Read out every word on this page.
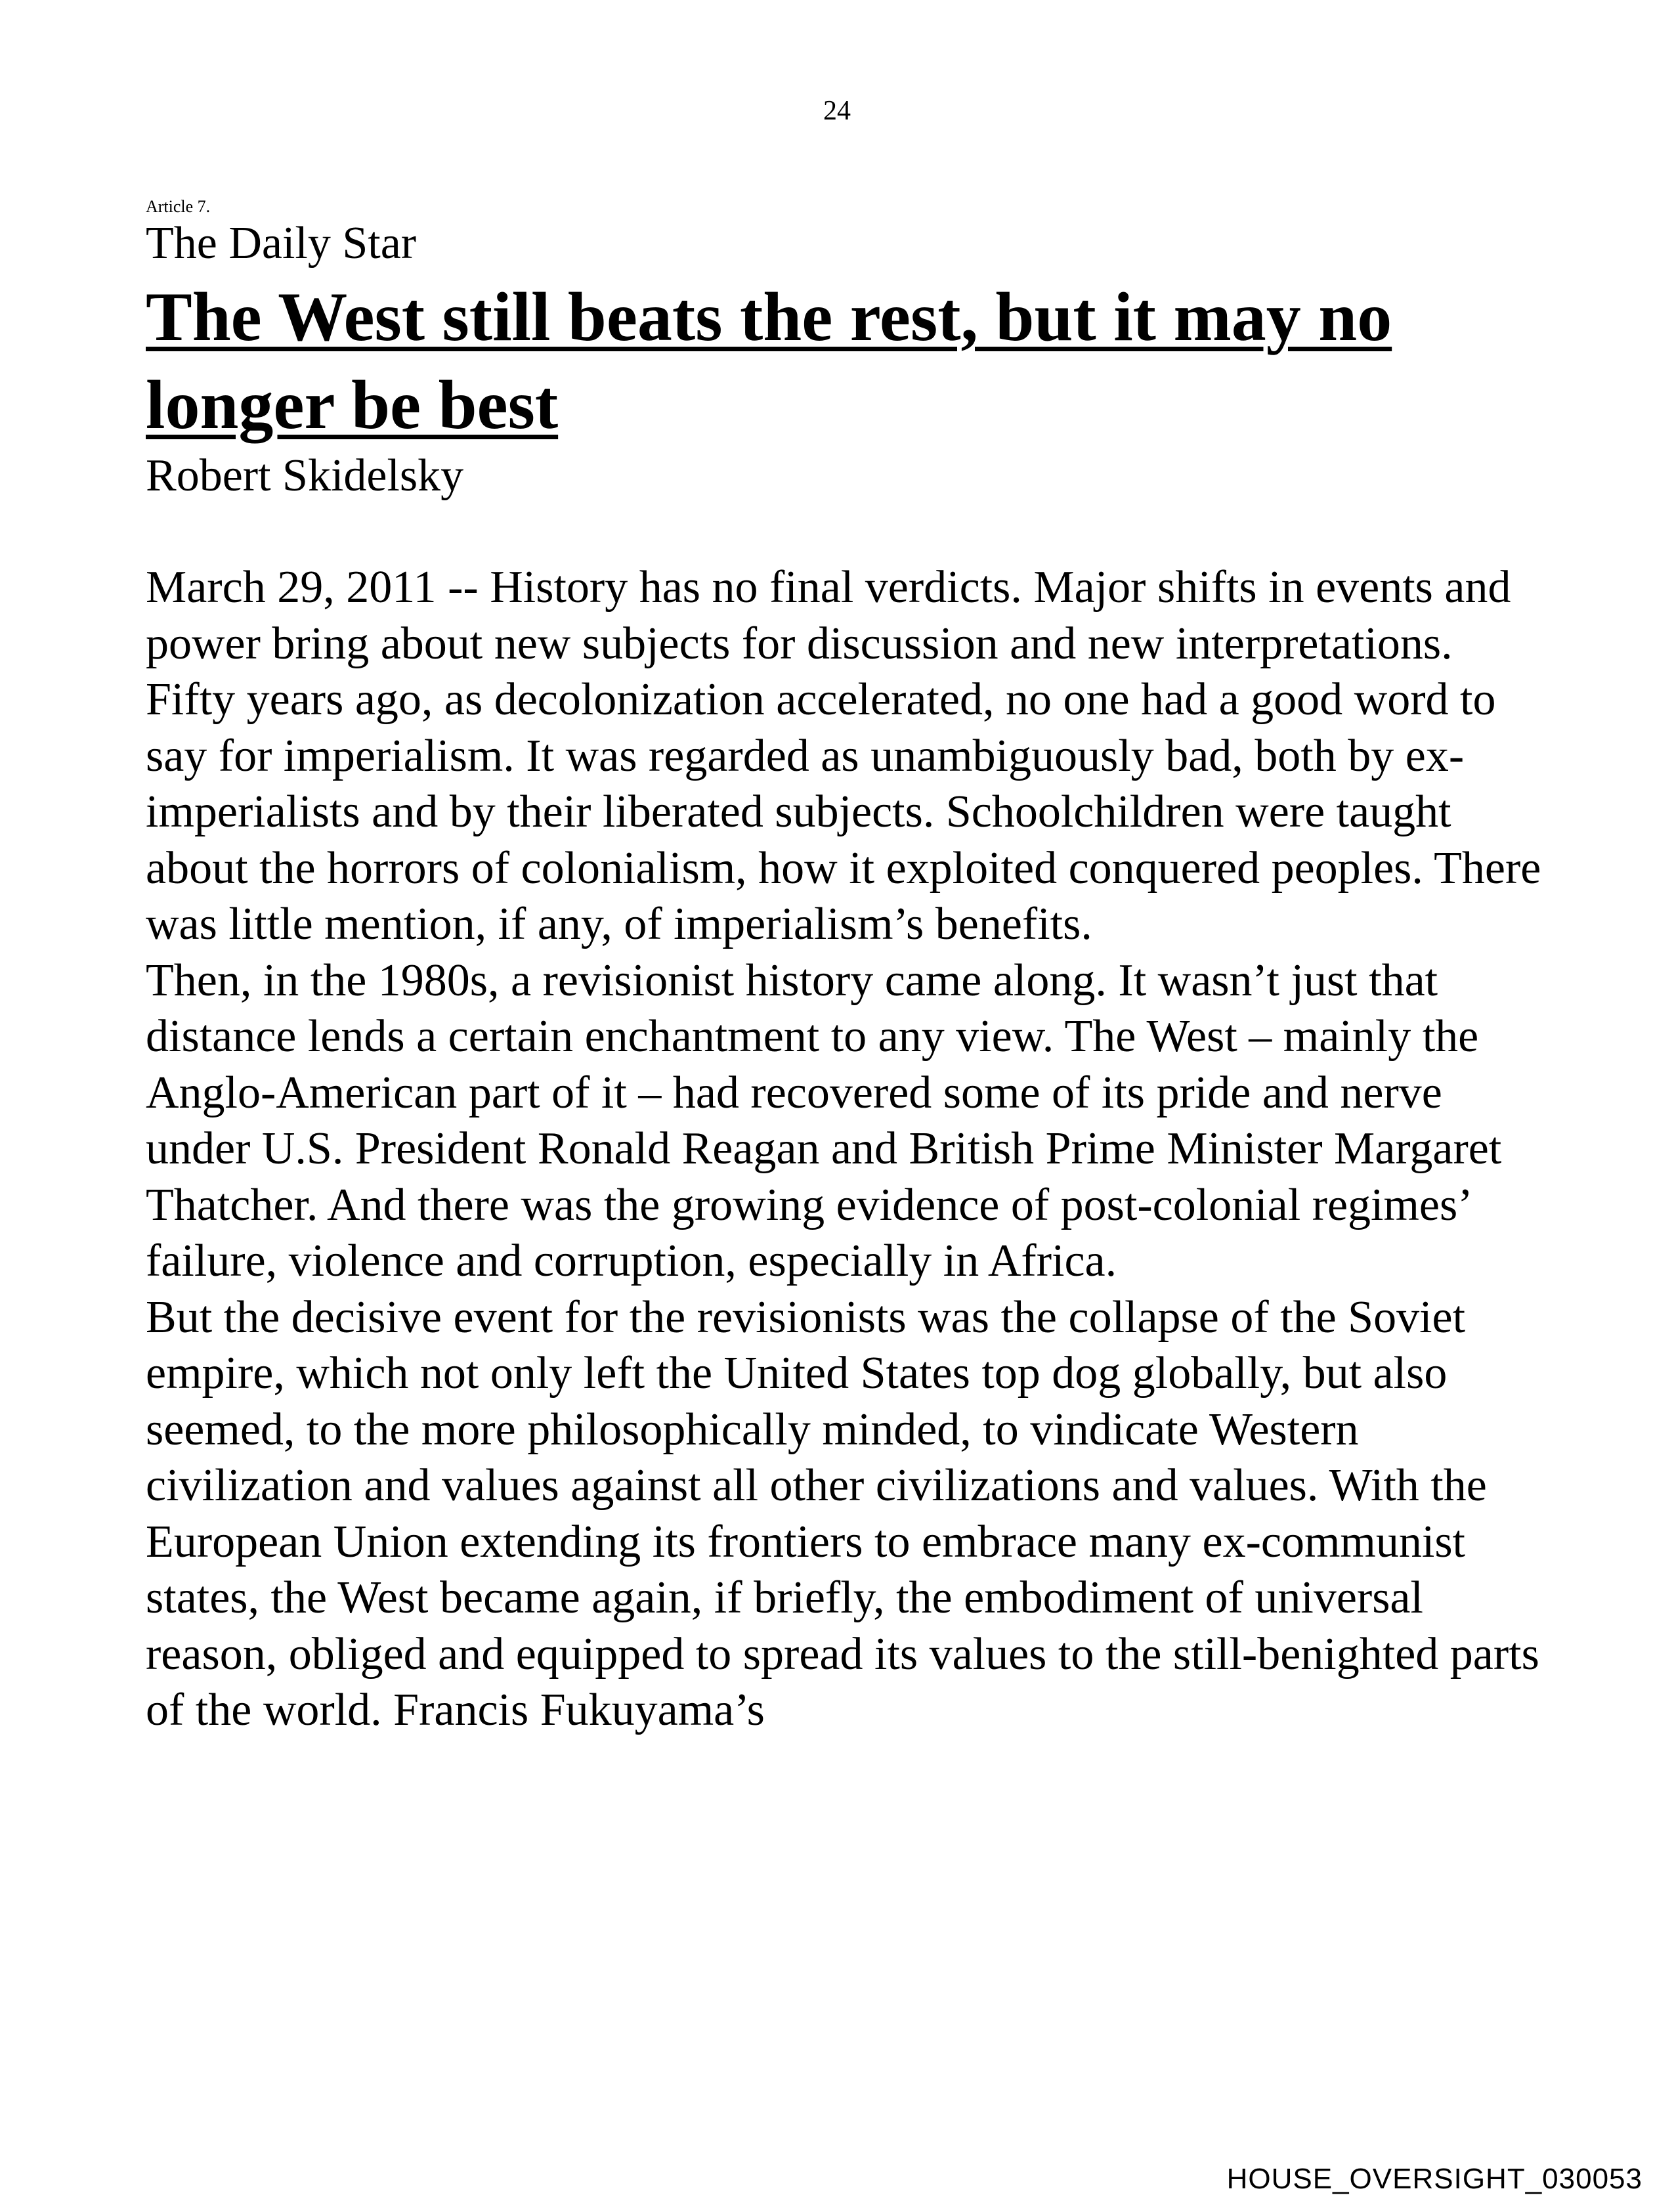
24

Article 7.

The Daily Star

The West still beats the rest, but it may no longer be best

Robert Skidelsky

March 29, 2011 -- History has no final verdicts. Major shifts in events and power bring about new subjects for discussion and new interpretations.

Fifty years ago, as decolonization accelerated, no one had a good word to say for imperialism. It was regarded as unambiguously bad, both by ex-imperialists and by their liberated subjects. Schoolchildren were taught about the horrors of colonialism, how it exploited conquered peoples. There was little mention, if any, of imperialism’s benefits.

Then, in the 1980s, a revisionist history came along. It wasn’t just that distance lends a certain enchantment to any view. The West – mainly the Anglo-American part of it – had recovered some of its pride and nerve under U.S. President Ronald Reagan and British Prime Minister Margaret Thatcher. And there was the growing evidence of post-colonial regimes’ failure, violence and corruption, especially in Africa.

But the decisive event for the revisionists was the collapse of the Soviet empire, which not only left the United States top dog globally, but also seemed, to the more philosophically minded, to vindicate Western civilization and values against all other civilizations and values. With the European Union extending its frontiers to embrace many ex-communist states, the West became again, if briefly, the embodiment of universal reason, obliged and equipped to spread its values to the still-benighted parts of the world. Francis Fukuyama’s

HOUSE_OVERSIGHT_030053
